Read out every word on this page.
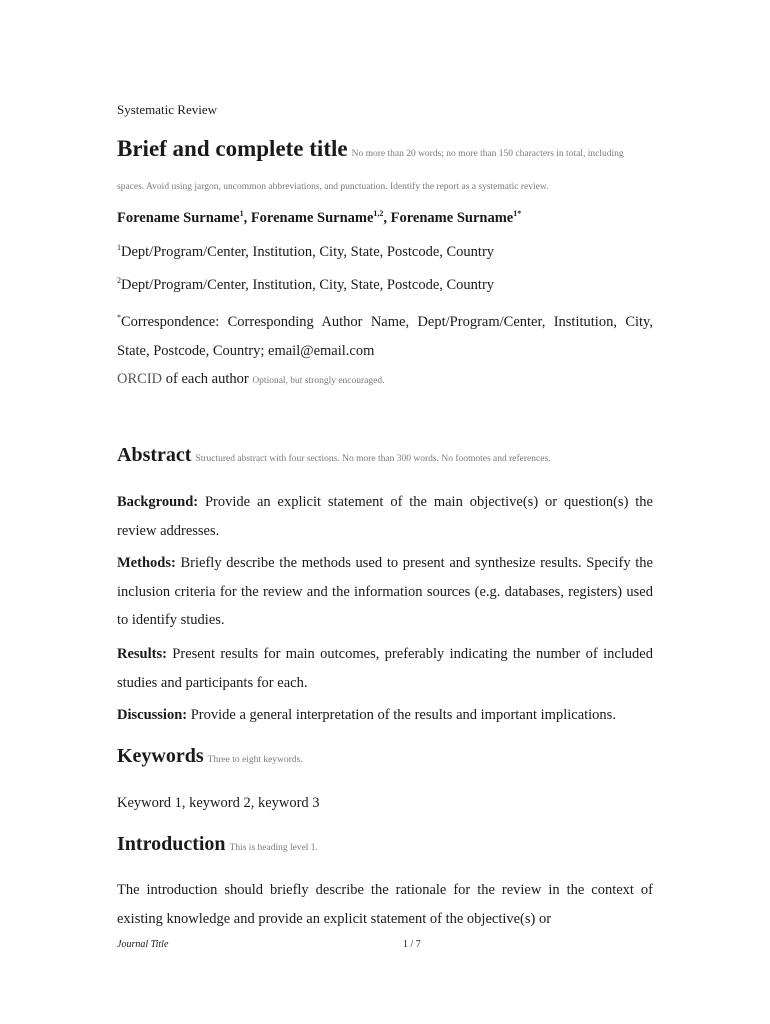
Systematic Review
Brief and complete title No more than 20 words; no more than 150 characters in total, including
spaces. Avoid using jargon, uncommon abbreviations, and punctuation. Identify the report as a systematic review.
Forename Surname$^1$, Forename Surname$^{1,2}$, Forename Surname$^{1*}$
$^1$Dept/Program/Center, Institution, City, State, Postcode, Country
$^2$Dept/Program/Center, Institution, City, State, Postcode, Country
*Correspondence: Corresponding Author Name, Dept/Program/Center, Institution, City, State, Postcode, Country; email@email.com
ORCID of each author Optional, but strongly encouraged.
Abstract Structured abstract with four sections. No more than 300 words. No footnotes and references.
Background: Provide an explicit statement of the main objective(s) or question(s) the review addresses.
Methods: Briefly describe the methods used to present and synthesize results. Specify the inclusion criteria for the review and the information sources (e.g. databases, registers) used to identify studies.
Results: Present results for main outcomes, preferably indicating the number of included studies and participants for each.
Discussion: Provide a general interpretation of the results and important implications.
Keywords Three to eight keywords.
Keyword 1, keyword 2, keyword 3
Introduction This is heading level 1.
The introduction should briefly describe the rationale for the review in the context of existing knowledge and provide an explicit statement of the objective(s) or
Journal Title	1 / 7
